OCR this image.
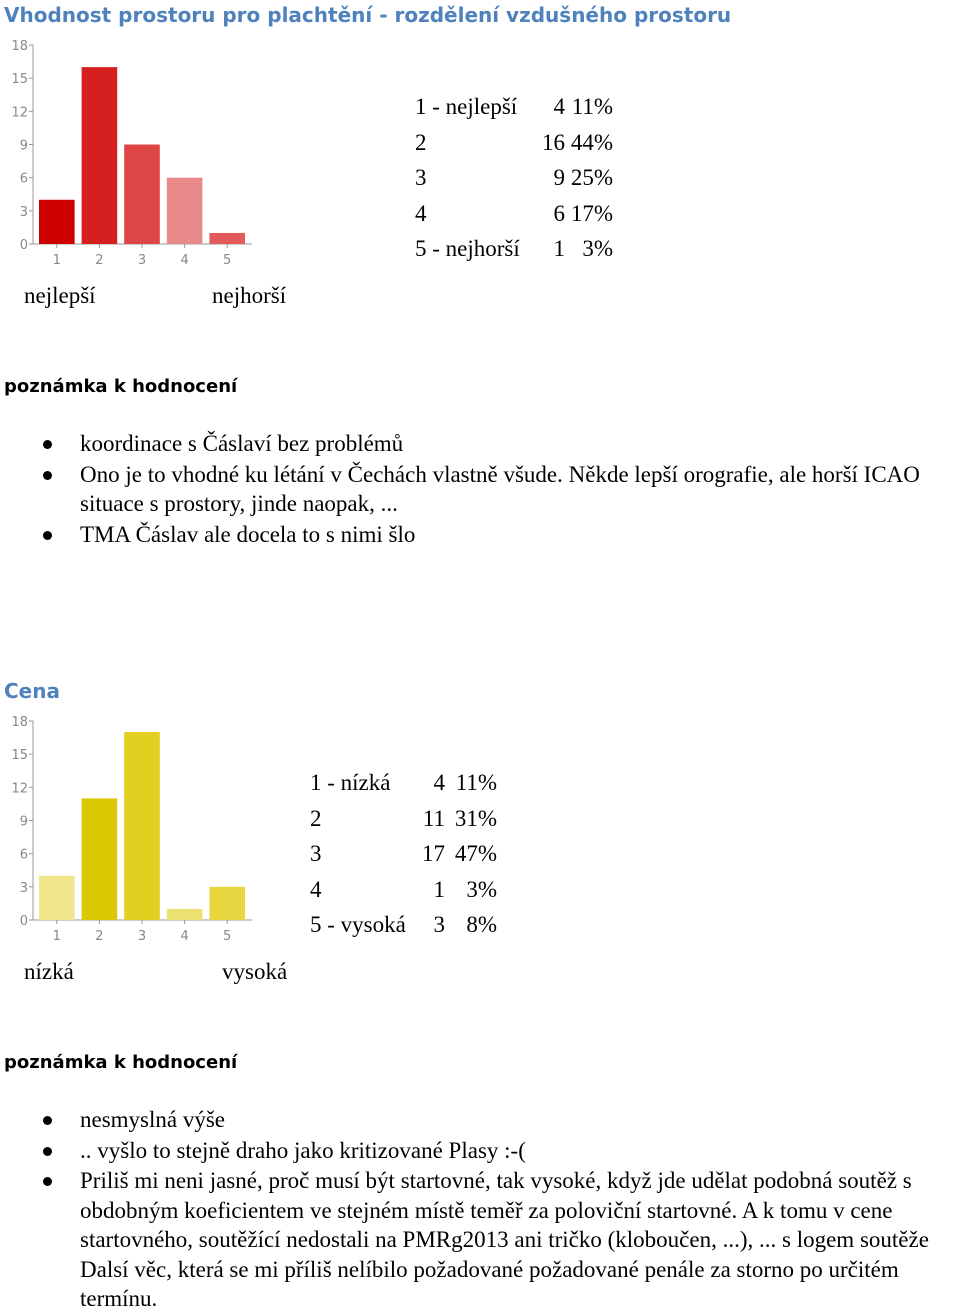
Vhodnost prostoru pro plachtění - rozdělení vzdušného prostoru
0
3
6
9
12
15
18
1	2	3	4	5
1 - nejlepší	4 11%
2	16 44%
3	9 25%
4	6 17%
5 - nejhorší	1 3%
nejlepší	nejhorší
poznámka k hodnocení
koordinace s Čáslaví bez problémů
Ono je to vhodné ku létání v Čechách vlastně všude. Někde lepší orografie, ale horší ICAO situace s prostory, jinde naopak, ...
TMA Čáslav ale docela to s nimi šlo
Cena
0
3
6
9
12
15
18
1	2	3	4	5
1 - nízká	4 11%
2	11 31%
3	17 47%
4	1 3%
5 - vysoká	3 8%
nízká	vysoká
poznámka k hodnocení
nesmyslná výše
.. vyšlo to stejně draho jako kritizované Plasy :-(
Priliš mi neni jasné, proč musí být startovné, tak vysoké, když jde udělat podobná soutěž s obdobným koeficientem ve stejném místě teměř za poloviční startovné. A k tomu v cene startovného, soutěžící nedostali na PMRg2013 ani tričko (kloboučen, ...), ... s logem soutěže Dalsí věc, která se mi příliš nelíbilo požadované požadované penále za storno po určitém termínu.
